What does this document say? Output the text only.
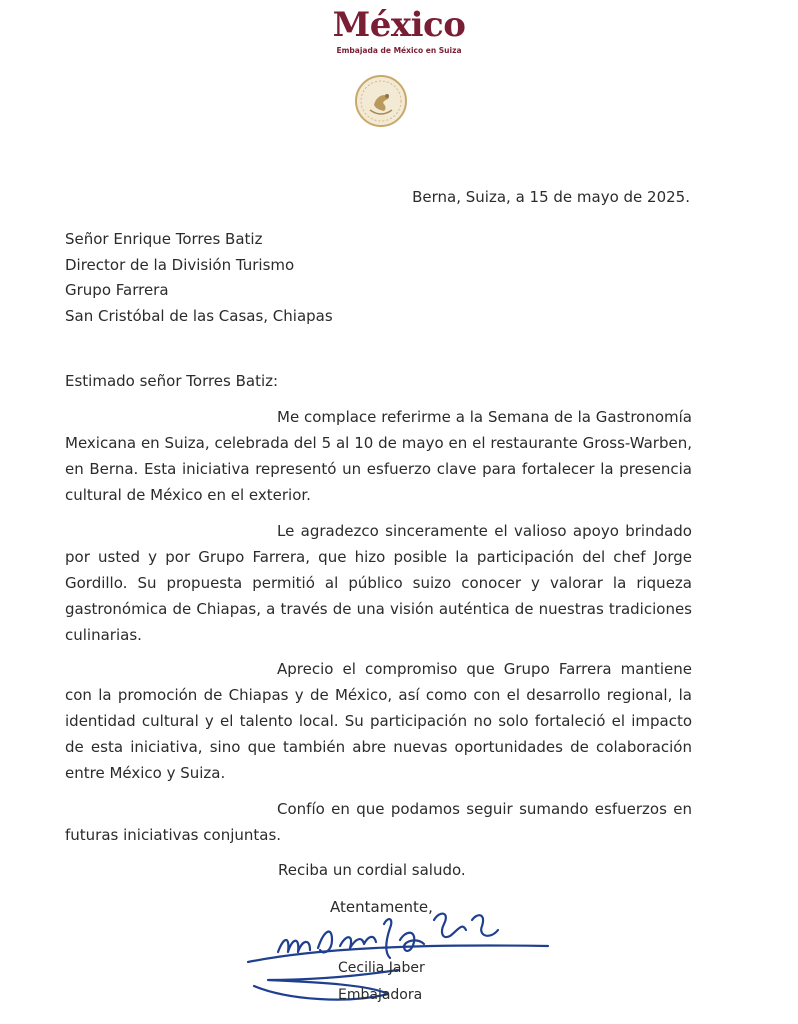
México
Embajada de México en Suiza
Berna, Suiza, a 15 de mayo de 2025.
Señor Enrique Torres Batiz
Director de la División Turismo
Grupo Farrera
San Cristóbal de las Casas, Chiapas
Estimado señor Torres Batiz:
Me complace referirme a la Semana de la Gastronomía Mexicana en Suiza, celebrada del 5 al 10 de mayo en el restaurante Gross-Warben, en Berna. Esta iniciativa representó un esfuerzo clave para fortalecer la presencia cultural de México en el exterior.
Le agradezco sinceramente el valioso apoyo brindado por usted y por Grupo Farrera, que hizo posible la participación del chef Jorge Gordillo. Su propuesta permitió al público suizo conocer y valorar la riqueza gastronómica de Chiapas, a través de una visión auténtica de nuestras tradiciones culinarias.
Aprecio el compromiso que Grupo Farrera mantiene con la promoción de Chiapas y de México, así como con el desarrollo regional, la identidad cultural y el talento local. Su participación no solo fortaleció el impacto de esta iniciativa, sino que también abre nuevas oportunidades de colaboración entre México y Suiza.
Confío en que podamos seguir sumando esfuerzos en futuras iniciativas conjuntas.
Reciba un cordial saludo.
Atentamente,
Cecilia Jaber
Embajadora
